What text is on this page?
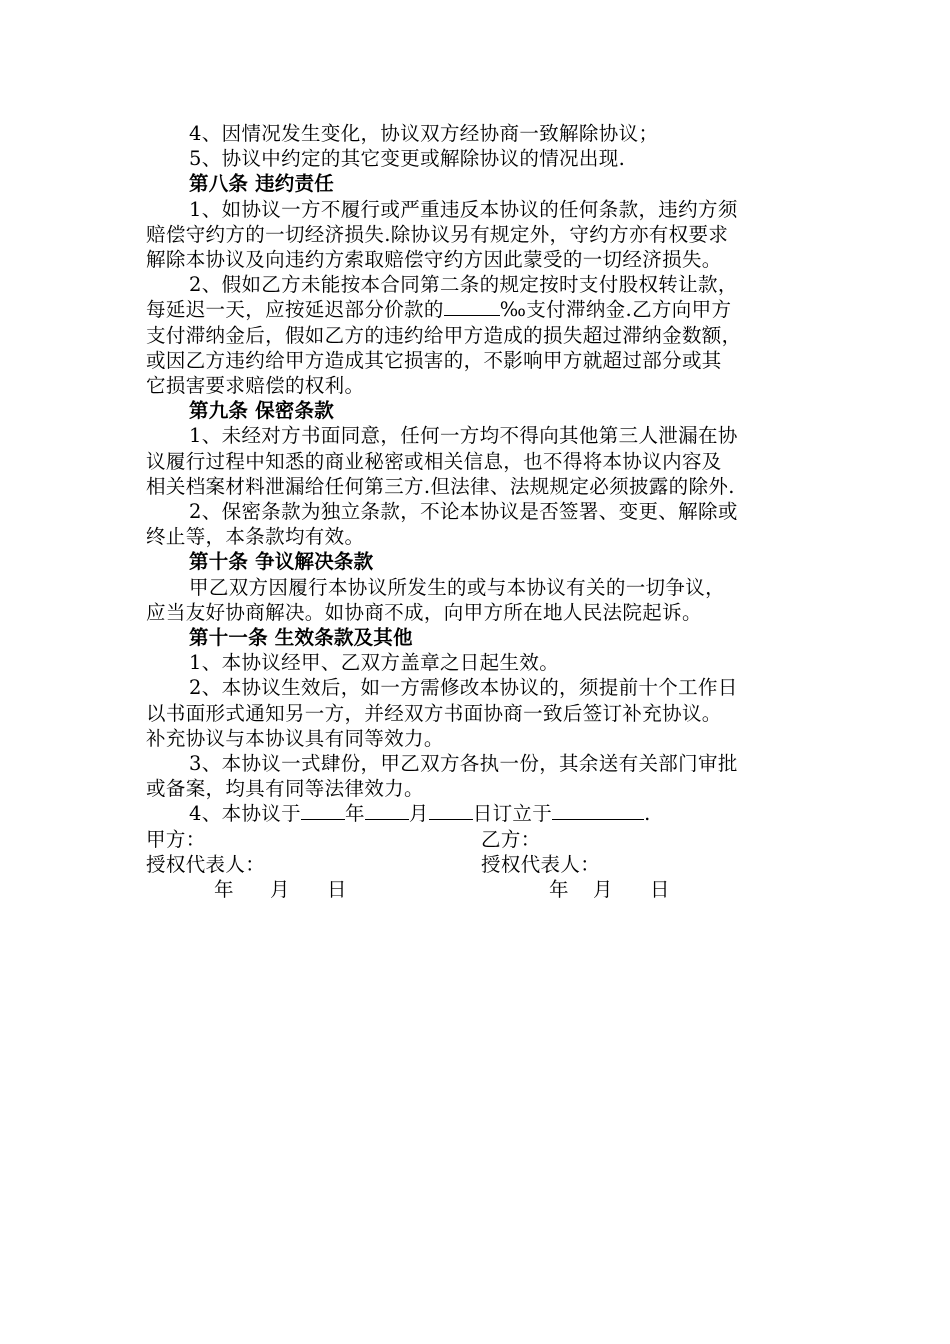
4、因情况发生变化，协议双方经协商一致解除协议；

5、协议中约定的其它变更或解除协议的情况出现.

第八条 违约责任

1、如协议一方不履行或严重违反本协议的任何条款，违约方须

赔偿守约方的一切经济损失.除协议另有规定外，守约方亦有权要求

解除本协议及向违约方索取赔偿守约方因此蒙受的一切经济损失。

2、假如乙方未能按本合同第二条的规定按时支付股权转让款，

每延迟一天，应按延迟部分价款的	‰支付滞纳金.乙方向甲方

支付滞纳金后，假如乙方的违约给甲方造成的损失超过滞纳金数额，

或因乙方违约给甲方造成其它损害的，不影响甲方就超过部分或其

它损害要求赔偿的权利。

第九条 保密条款

1、未经对方书面同意，任何一方均不得向其他第三人泄漏在协

议履行过程中知悉的商业秘密或相关信息，也不得将本协议内容及

相关档案材料泄漏给任何第三方.但法律、法规规定必须披露的除外.

2、保密条款为独立条款，不论本协议是否签署、变更、解除或

终止等，本条款均有效。

第十条 争议解决条款

甲乙双方因履行本协议所发生的或与本协议有关的一切争议，

应当友好协商解决。如协商不成，向甲方所在地人民法院起诉。

第十一条 生效条款及其他

1、本协议经甲、乙双方盖章之日起生效。

2、本协议生效后，如一方需修改本协议的，须提前十个工作日

以书面形式通知另一方，并经双方书面协商一致后签订补充协议。

补充协议与本协议具有同等效力。

3、本协议一式肆份，甲乙双方各执一份，其余送有关部门审批

或备案，均具有同等法律效力。

4、本协议于 年 月 日订立于	.

甲方：	乙方：
授权代表人：	授权代表人：
年 月 日	年 月 日
